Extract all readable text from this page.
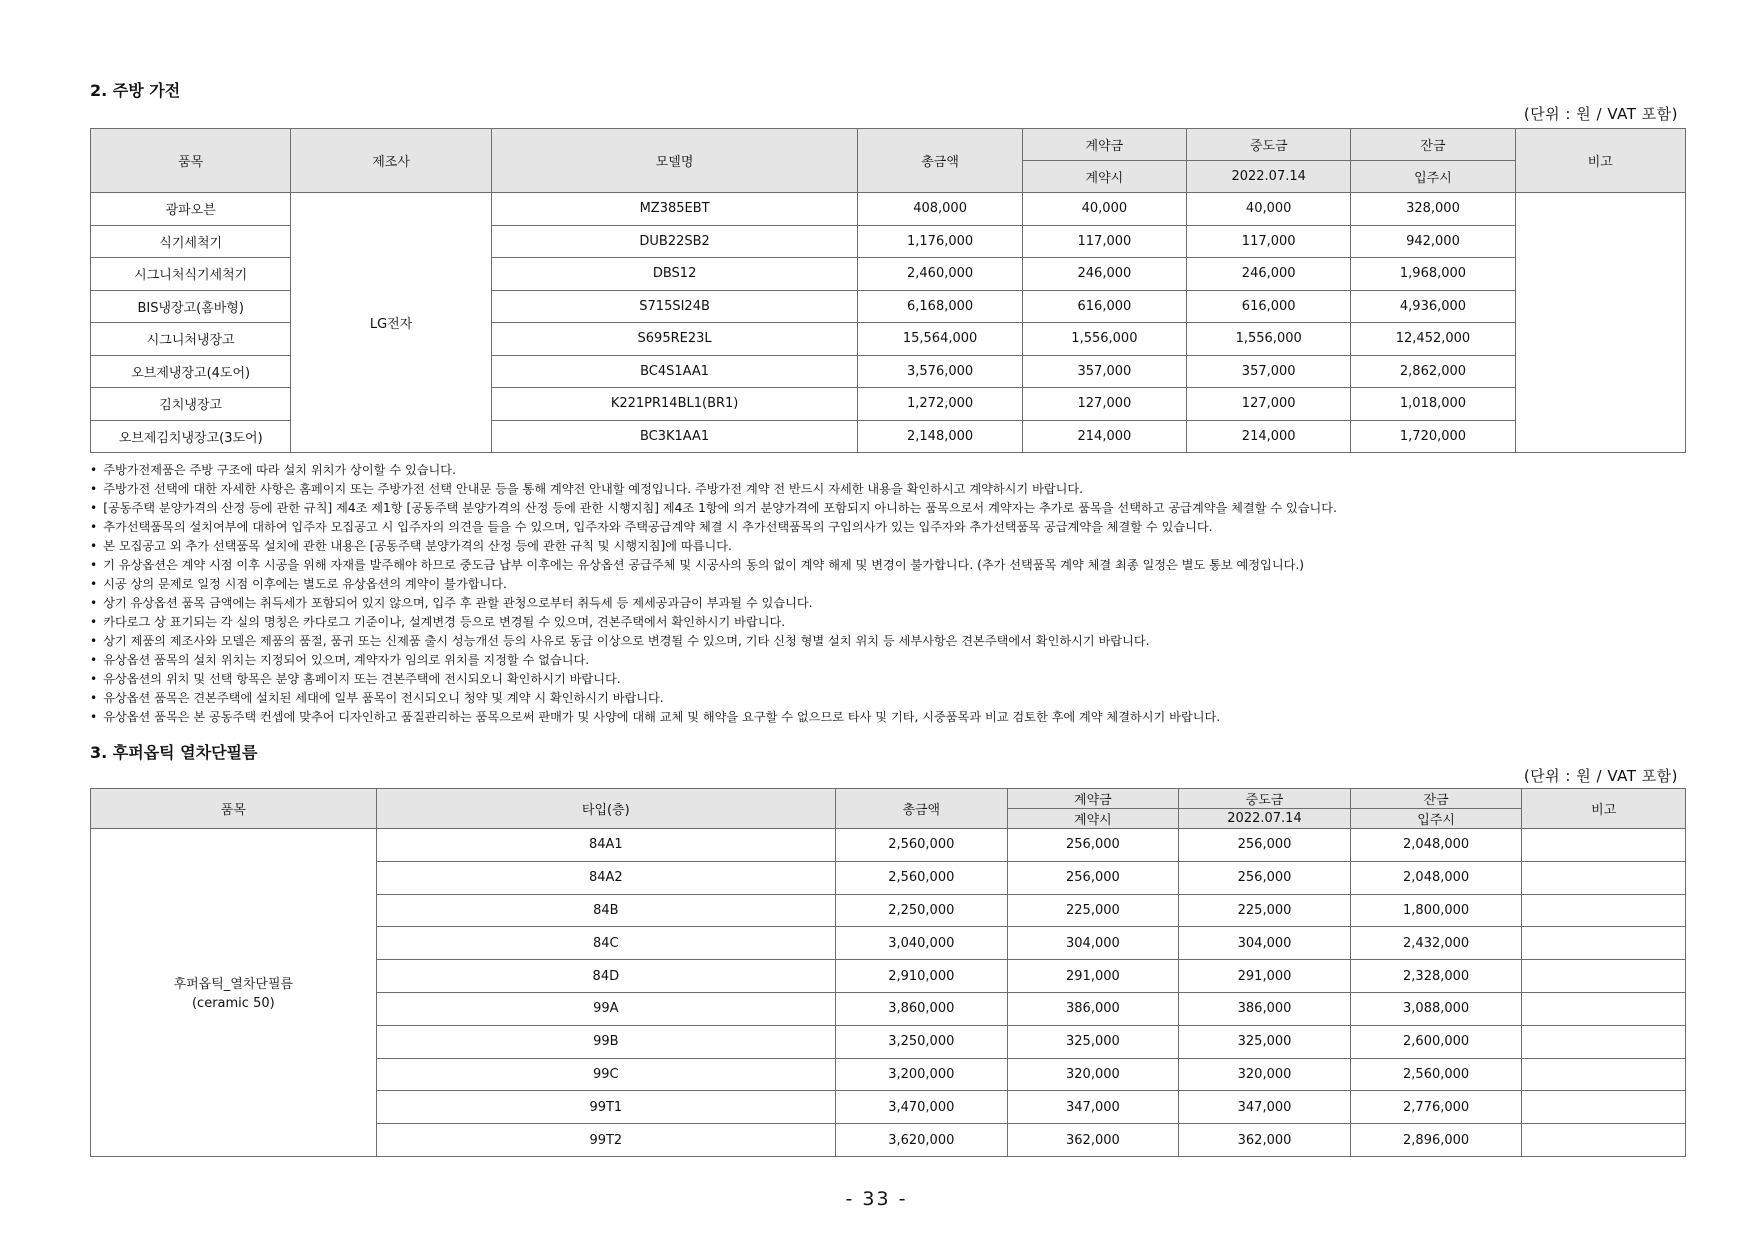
2. 주방 가전
(단위 : 원 / VAT 포함)
품목	제조사	모델명	총금액	계약금	중도금	잔금	비고
				계약시	2022.07.14	입주시	
광파오븐	LG전자	MZ385EBT	408,000	40,000	40,000	328,000	
식기세척기		DUB22SB2	1,176,000	117,000	117,000	942,000	
시그니처식기세척기		DBS12	2,460,000	246,000	246,000	1,968,000	
BIS냉장고(홈바형)		S715SI24B	6,168,000	616,000	616,000	4,936,000	
시그니처냉장고		S695RE23L	15,564,000	1,556,000	1,556,000	12,452,000	
오브제냉장고(4도어)		BC4S1AA1	3,576,000	357,000	357,000	2,862,000	
김치냉장고		K221PR14BL1(BR1)	1,272,000	127,000	127,000	1,018,000	
오브제김치냉장고(3도어)		BC3K1AA1	2,148,000	214,000	214,000	1,720,000	
• 주방가전제품은 주방 구조에 따라 설치 위치가 상이할 수 있습니다.
• 주방가전 선택에 대한 자세한 사항은 홈페이지 또는 주방가전 선택 안내문 등을 통해 계약전 안내할 예정입니다. 주방가전 계약 전 반드시 자세한 내용을 확인하시고 계약하시기 바랍니다.
• [공동주택 분양가격의 산정 등에 관한 규칙] 제4조 제1항 [공동주택 분양가격의 산정 등에 관한 시행지침] 제4조 1항에 의거 분양가격에 포함되지 아니하는 품목으로서 계약자는 추가로 품목을 선택하고 공급계약을 체결할 수 있습니다.
• 추가선택품목의 설치여부에 대하여 입주자 모집공고 시 입주자의 의견을 들을 수 있으며, 입주자와 주택공급계약 체결 시 추가선택품목의 구입의사가 있는 입주자와 추가선택품목 공급계약을 체결할 수 있습니다.
• 본 모집공고 외 추가 선택품목 설치에 관한 내용은 [공동주택 분양가격의 산정 등에 관한 규칙 및 시행지침]에 따릅니다.
• 기 유상옵션은 계약 시점 이후 시공을 위해 자재를 발주해야 하므로 중도금 납부 이후에는 유상옵션 공급주체 및 시공사의 동의 없이 계약 해제 및 변경이 불가합니다. (추가 선택품목 계약 체결 최종 일정은 별도 통보 예정입니다.)
• 시공 상의 문제로 일정 시점 이후에는 별도로 유상옵션의 계약이 불가합니다.
• 상기 유상옵션 품목 금액에는 취득세가 포함되어 있지 않으며, 입주 후 관할 관청으로부터 취득세 등 제세공과금이 부과될 수 있습니다.
• 카다로그 상 표기되는 각 실의 명칭은 카다로그 기준이나, 설계변경 등으로 변경될 수 있으며, 견본주택에서 확인하시기 바랍니다.
• 상기 제품의 제조사와 모델은 제품의 품절, 품귀 또는 신제품 출시 성능개선 등의 사유로 동급 이상으로 변경될 수 있으며, 기타 신청 형별 설치 위치 등 세부사항은 견본주택에서 확인하시기 바랍니다.
• 유상옵션 품목의 설치 위치는 지정되어 있으며, 계약자가 임의로 위치를 지정할 수 없습니다.
• 유상옵션의 위치 및 선택 항목은 분양 홈페이지 또는 견본주택에 전시되오니 확인하시기 바랍니다.
• 유상옵션 품목은 견본주택에 설치된 세대에 일부 품목이 전시되오니 청약 및 계약 시 확인하시기 바랍니다.
• 유상옵션 품목은 본 공동주택 컨셉에 맞추어 디자인하고 품질관리하는 품목으로써 판매가 및 사양에 대해 교체 및 해약을 요구할 수 없으므로 타사 및 기타, 시중품목과 비교 검토한 후에 계약 체결하시기 바랍니다.
3. 후퍼옵틱 열차단필름
(단위 : 원 / VAT 포함)
품목	타입(층)	총금액	계약금	중도금	잔금	비고
			계약시	2022.07.14	입주시	

후퍼옵틱_열차단필름
(ceramic 50)	84A1	2,560,000	256,000	256,000	2,048,000	
	84A2	2,560,000	256,000	256,000	2,048,000	
	84B	2,250,000	225,000	225,000	1,800,000	
	84C	3,040,000	304,000	304,000	2,432,000	
	84D	2,910,000	291,000	291,000	2,328,000	
	99A	3,860,000	386,000	386,000	3,088,000	
	99B	3,250,000	325,000	325,000	2,600,000	
	99C	3,200,000	320,000	320,000	2,560,000	
	99T1	3,470,000	347,000	347,000	2,776,000	
	99T2	3,620,000	362,000	362,000	2,896,000	
- 33 -
